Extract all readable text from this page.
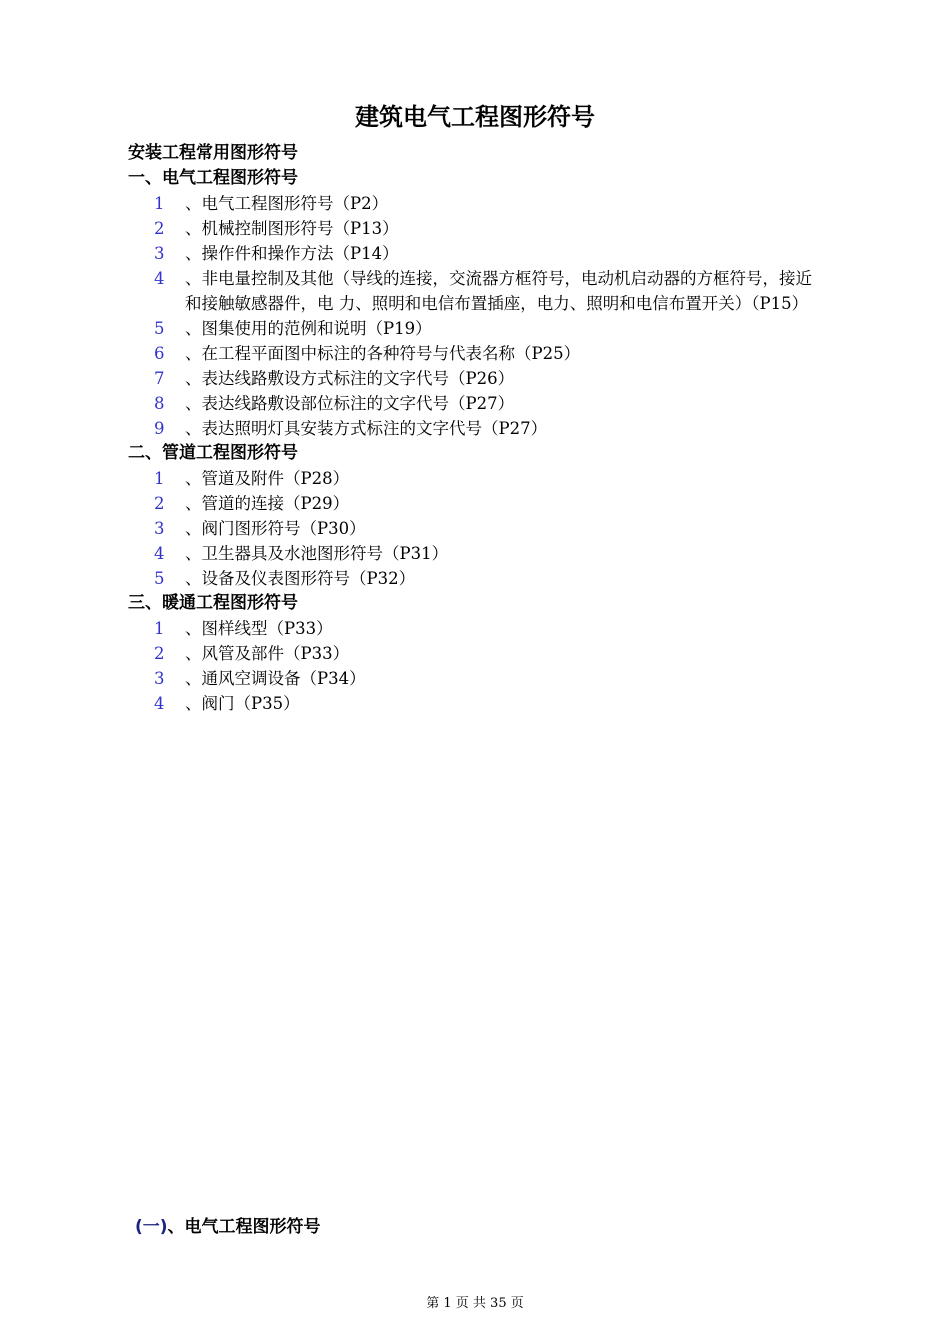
建筑电气工程图形符号
安装工程常用图形符号
一、电气工程图形符号
1 、电气工程图形符号（P2）
2 、机械控制图形符号（P13）
3 、操作件和操作方法（P14）
4 、非电量控制及其他（导线的连接，交流器方框符号，电动机启动器的方框符号，接近和接触敏感器件，电 力、照明和电信布置插座，电力、照明和电信布置开关）（P15）
5 、图集使用的范例和说明（P19）
6 、在工程平面图中标注的各种符号与代表名称（P25）
7 、表达线路敷设方式标注的文字代号（P26）
8 、表达线路敷设部位标注的文字代号（P27）
9 、表达照明灯具安装方式标注的文字代号（P27）
二、管道工程图形符号
1 、管道及附件（P28）
2 、管道的连接（P29）
3 、阀门图形符号（P30）
4 、卫生器具及水池图形符号（P31）
5 、设备及仪表图形符号（P32）
三、暖通工程图形符号
1 、图样线型（P33）
2 、风管及部件（P33）
3 、通风空调设备（P34）
4 、阀门（P35）
(一)、电气工程图形符号
第 1 页 共 35 页
